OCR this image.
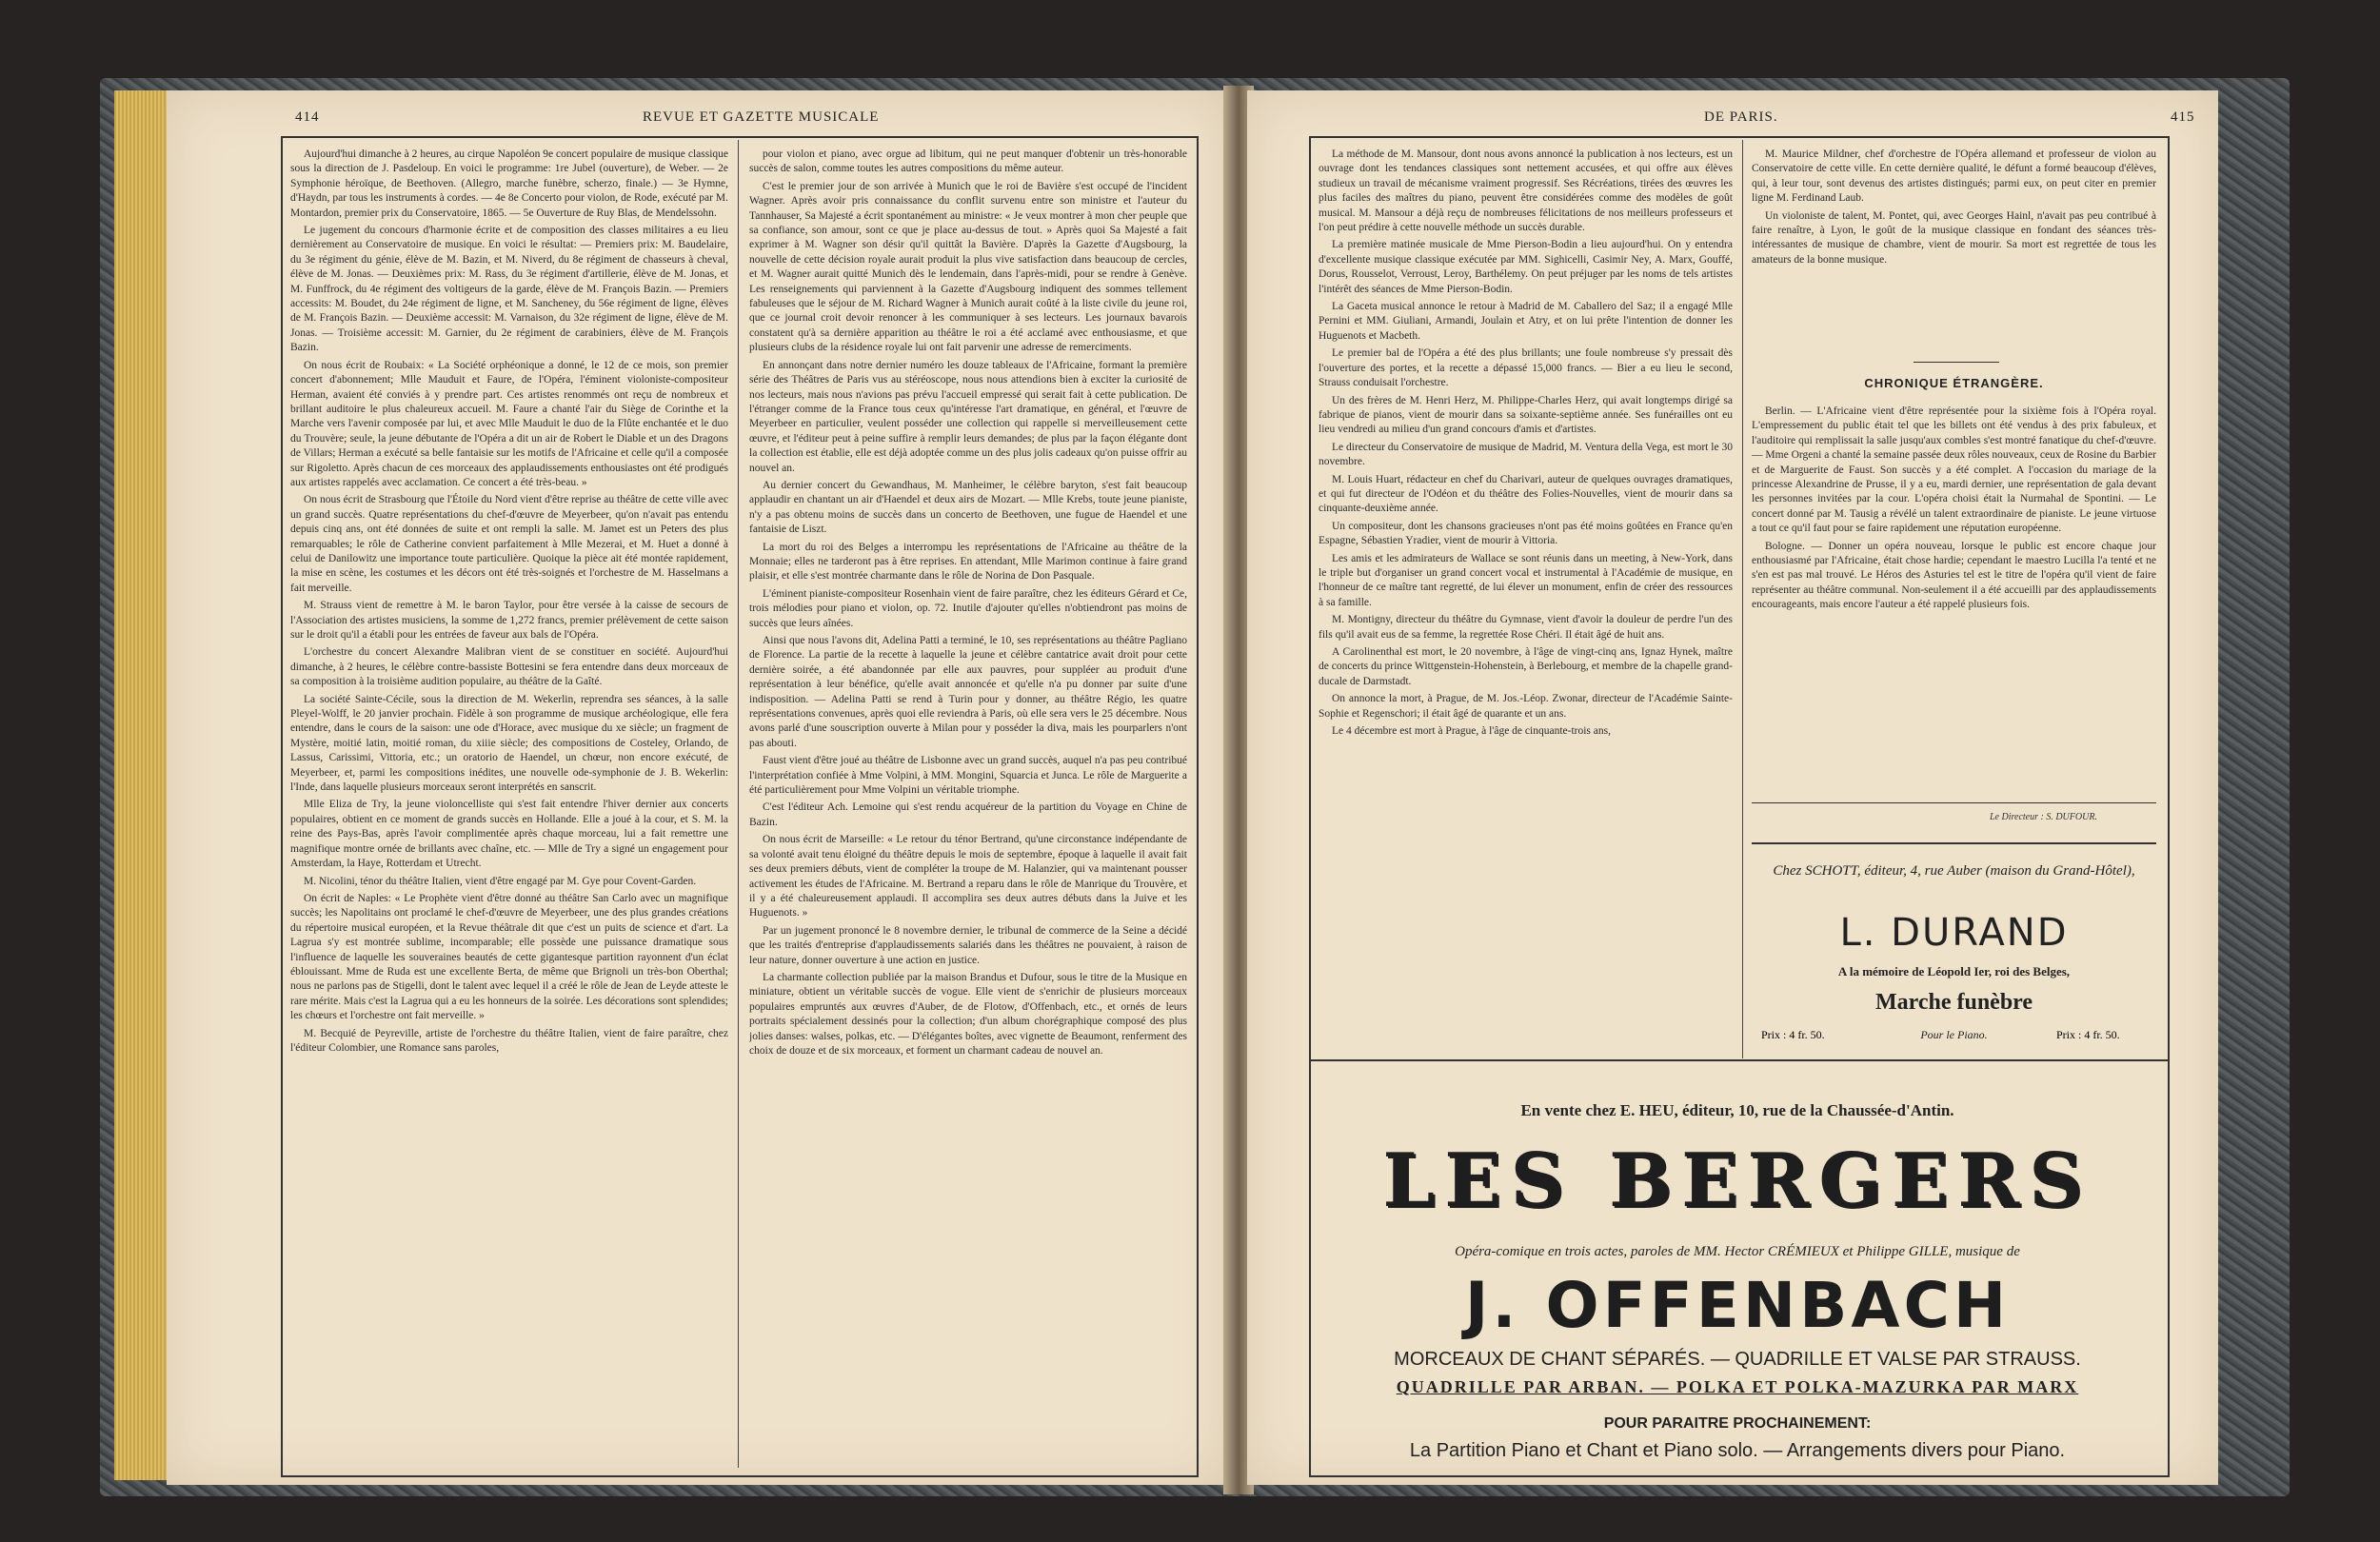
414	REVUE ET GAZETTE MUSICALE

Aujourd'hui dimanche à 2 heures, au cirque Napoléon 9e concert populaire de musique classique sous la direction de J. Pasdeloup. En voici le programme: 1re Jubel (ouverture), de Weber. — 2e Symphonie héroïque, de Beethoven. (Allegro, marche funèbre, scherzo, finale.) — 3e Hymne, d'Haydn, par tous les instruments à cordes. — 4e 8e Concerto pour violon, de Rode, exécuté par M. Montardon, premier prix du Conservatoire, 1865. — 5e Ouverture de Ruy Blas, de Mendelssohn.

Le jugement du concours d'harmonie écrite et de composition des classes militaires a eu lieu dernièrement au Conservatoire de musique. En voici le résultat: — Premiers prix: M. Baudelaire, du 3e régiment du génie, élève de M. Bazin, et M. Niverd, du 8e régiment de chasseurs à cheval, élève de M. Jonas. — Deuxièmes prix: M. Rass, du 3e régiment d'artillerie, élève de M. Jonas, et M. Funffrock, du 4e régiment des voltigeurs de la garde, élève de M. François Bazin. — Premiers accessits: M. Boudet, du 24e régiment de ligne, et M. Sancheney, du 56e régiment de ligne, élèves de M. François Bazin. — Deuxième accessit: M. Varnaison, du 32e régiment de ligne, élève de M. Jonas. — Troisième accessit: M. Garnier, du 2e régiment de carabiniers, élève de M. François Bazin.

On nous écrit de Roubaix: « La Société orphéonique a donné, le 12 de ce mois, son premier concert d'abonnement; Mlle Mauduit et Faure, de l'Opéra, l'éminent violoniste-compositeur Herman, avaient été conviés à y prendre part. Ces artistes renommés ont reçu de nombreux et brillant auditoire le plus chaleureux accueil. M. Faure a chanté l'air du Siège de Corinthe et la Marche vers l'avenir composée par lui, et avec Mlle Mauduit le duo de la Flûte enchantée et le duo du Trouvère; seule, la jeune débutante de l'Opéra a dit un air de Robert le Diable et un des Dragons de Villars; Herman a exécuté sa belle fantaisie sur les motifs de l'Africaine et celle qu'il a composée sur Rigoletto. Après chacun de ces morceaux des applaudissements enthousiastes ont été prodigués aux artistes rappelés avec acclamation. Ce concert a été très-beau. »

On nous écrit de Strasbourg que l'Étoile du Nord vient d'être reprise au théâtre de cette ville avec un grand succès. Quatre représentations du chef-d'œuvre de Meyerbeer, qu'on n'avait pas entendu depuis cinq ans, ont été données de suite et ont rempli la salle. M. Jamet est un Peters des plus remarquables; le rôle de Catherine convient parfaitement à Mlle Mezerai, et M. Huet a donné à celui de Danilowitz une importance toute particulière. Quoique la pièce ait été montée rapidement, la mise en scène, les costumes et les décors ont été très-soignés et l'orchestre de M. Hasselmans a fait merveille.

M. Strauss vient de remettre à M. le baron Taylor, pour être versée à la caisse de secours de l'Association des artistes musiciens, la somme de 1,272 francs, premier prélèvement de cette saison sur le droit qu'il a établi pour les entrées de faveur aux bals de l'Opéra.

L'orchestre du concert Alexandre Malibran vient de se constituer en société. Aujourd'hui dimanche, à 2 heures, le célèbre contre-bassiste Bottesini se fera entendre dans deux morceaux de sa composition à la troisième audition populaire, au théâtre de la Gaîté.

La société Sainte-Cécile, sous la direction de M. Wekerlin, reprendra ses séances, à la salle Pleyel-Wolff, le 20 janvier prochain. Fidèle à son programme de musique archéologique, elle fera entendre, dans le cours de la saison: une ode d'Horace, avec musique du xe siècle; un fragment de Mystère, moitié latin, moitié roman, du xiiie siècle; des compositions de Costeley, Orlando, de Lassus, Carissimi, Vittoria, etc.; un oratorio de Haendel, un chœur, non encore exécuté, de Meyerbeer, et, parmi les compositions inédites, une nouvelle ode-symphonie de J. B. Wekerlin: l'Inde, dans laquelle plusieurs morceaux seront interprétés en sanscrit.

Mlle Eliza de Try, la jeune violoncelliste qui s'est fait entendre l'hiver dernier aux concerts populaires, obtient en ce moment de grands succès en Hollande. Elle a joué à la cour, et S. M. la reine des Pays-Bas, après l'avoir complimentée après chaque morceau, lui a fait remettre une magnifique montre ornée de brillants avec chaîne, etc. — Mlle de Try a signé un engagement pour Amsterdam, la Haye, Rotterdam et Utrecht.

M. Nicolini, ténor du théâtre Italien, vient d'être engagé par M. Gye pour Covent-Garden.

On écrit de Naples: « Le Prophète vient d'être donné au théâtre San Carlo avec un magnifique succès; les Napolitains ont proclamé le chef-d'œuvre de Meyerbeer, une des plus grandes créations du répertoire musical européen, et la Revue théâtrale dit que c'est un puits de science et d'art. La Lagrua s'y est montrée sublime, incomparable; elle possède une puissance dramatique sous l'influence de laquelle les souveraines beautés de cette gigantesque partition rayonnent d'un éclat éblouissant. Mme de Ruda est une excellente Berta, de même que Brignoli un très-bon Oberthal; nous ne parlons pas de Stigelli, dont le talent avec lequel il a créé le rôle de Jean de Leyde atteste le rare mérite. Mais c'est la Lagrua qui a eu les honneurs de la soirée. Les décorations sont splendides; les chœurs et l'orchestre ont fait merveille. »

M. Becquié de Peyreville, artiste de l'orchestre du théâtre Italien, vient de faire paraître, chez l'éditeur Colombier, une Romance sans paroles,

pour violon et piano, avec orgue ad libitum, qui ne peut manquer d'obtenir un très-honorable succès de salon, comme toutes les autres compositions du même auteur.

C'est le premier jour de son arrivée à Munich que le roi de Bavière s'est occupé de l'incident Wagner. Après avoir pris connaissance du conflit survenu entre son ministre et l'auteur du Tannhauser, Sa Majesté a écrit spontanément au ministre: « Je veux montrer à mon cher peuple que sa confiance, son amour, sont ce que je place au-dessus de tout. » Après quoi Sa Majesté a fait exprimer à M. Wagner son désir qu'il quittât la Bavière. D'après la Gazette d'Augsbourg, la nouvelle de cette décision royale aurait produit la plus vive satisfaction dans beaucoup de cercles, et M. Wagner aurait quitté Munich dès le lendemain, dans l'après-midi, pour se rendre à Genève. Les renseignements qui parviennent à la Gazette d'Augsbourg indiquent des sommes tellement fabuleuses que le séjour de M. Richard Wagner à Munich aurait coûté à la liste civile du jeune roi, que ce journal croit devoir renoncer à les communiquer à ses lecteurs. Les journaux bavarois constatent qu'à sa dernière apparition au théâtre le roi a été acclamé avec enthousiasme, et que plusieurs clubs de la résidence royale lui ont fait parvenir une adresse de remerciments.

En annonçant dans notre dernier numéro les douze tableaux de l'Africaine, formant la première série des Théâtres de Paris vus au stéréoscope, nous nous attendions bien à exciter la curiosité de nos lecteurs, mais nous n'avions pas prévu l'accueil empressé qui serait fait à cette publication. De l'étranger comme de la France tous ceux qu'intéresse l'art dramatique, en général, et l'œuvre de Meyerbeer en particulier, veulent posséder une collection qui rappelle si merveilleusement cette œuvre, et l'éditeur peut à peine suffire à remplir leurs demandes; de plus par la façon élégante dont la collection est établie, elle est déjà adoptée comme un des plus jolis cadeaux qu'on puisse offrir au nouvel an.

Au dernier concert du Gewandhaus, M. Manheimer, le célèbre baryton, s'est fait beaucoup applaudir en chantant un air d'Haendel et deux airs de Mozart. — Mlle Krebs, toute jeune pianiste, n'y a pas obtenu moins de succès dans un concerto de Beethoven, une fugue de Haendel et une fantaisie de Liszt.

La mort du roi des Belges a interrompu les représentations de l'Africaine au théâtre de la Monnaie; elles ne tarderont pas à être reprises. En attendant, Mlle Marimon continue à faire grand plaisir, et elle s'est montrée charmante dans le rôle de Norina de Don Pasquale.

L'éminent pianiste-compositeur Rosenhain vient de faire paraître, chez les éditeurs Gérard et Ce, trois mélodies pour piano et violon, op. 72. Inutile d'ajouter qu'elles n'obtiendront pas moins de succès que leurs aînées.

Ainsi que nous l'avons dit, Adelina Patti a terminé, le 10, ses représentations au théâtre Pagliano de Florence. La partie de la recette à laquelle la jeune et célèbre cantatrice avait droit pour cette dernière soirée, a été abandonnée par elle aux pauvres, pour suppléer au produit d'une représentation à leur bénéfice, qu'elle avait annoncée et qu'elle n'a pu donner par suite d'une indisposition. — Adelina Patti se rend à Turin pour y donner, au théâtre Régio, les quatre représentations convenues, après quoi elle reviendra à Paris, où elle sera vers le 25 décembre. Nous avons parlé d'une souscription ouverte à Milan pour y posséder la diva, mais les pourparlers n'ont pas abouti.

Faust vient d'être joué au théâtre de Lisbonne avec un grand succès, auquel n'a pas peu contribué l'interprétation confiée à Mme Volpini, à MM. Mongini, Squarcia et Junca. Le rôle de Marguerite a été particulièrement pour Mme Volpini un véritable triomphe.

C'est l'éditeur Ach. Lemoine qui s'est rendu acquéreur de la partition du Voyage en Chine de Bazin.

On nous écrit de Marseille: « Le retour du ténor Bertrand, qu'une circonstance indépendante de sa volonté avait tenu éloigné du théâtre depuis le mois de septembre, époque à laquelle il avait fait ses deux premiers débuts, vient de compléter la troupe de M. Halanzier, qui va maintenant pousser activement les études de l'Africaine. M. Bertrand a reparu dans le rôle de Manrique du Trouvère, et il y a été chaleureusement applaudi. Il accomplira ses deux autres débuts dans la Juive et les Huguenots. »

Par un jugement prononcé le 8 novembre dernier, le tribunal de commerce de la Seine a décidé que les traités d'entreprise d'applaudissements salariés dans les théâtres ne pouvaient, à raison de leur nature, donner ouverture à une action en justice.

La charmante collection publiée par la maison Brandus et Dufour, sous le titre de la Musique en miniature, obtient un véritable succès de vogue. Elle vient de s'enrichir de plusieurs morceaux populaires empruntés aux œuvres d'Auber, de de Flotow, d'Offenbach, etc., et ornés de leurs portraits spécialement dessinés pour la collection; d'un album chorégraphique composé des plus jolies danses: walses, polkas, etc. — D'élégantes boîtes, avec vignette de Beaumont, renferment des choix de douze et de six morceaux, et forment un charmant cadeau de nouvel an.

DE PARIS.	415

La méthode de M. Mansour, dont nous avons annoncé la publication à nos lecteurs, est un ouvrage dont les tendances classiques sont nettement accusées, et qui offre aux élèves studieux un travail de mécanisme vraiment progressif. Ses Récréations, tirées des œuvres les plus faciles des maîtres du piano, peuvent être considérées comme des modèles de goût musical. M. Mansour a déjà reçu de nombreuses félicitations de nos meilleurs professeurs et l'on peut prédire à cette nouvelle méthode un succès durable.

La première matinée musicale de Mme Pierson-Bodin a lieu aujourd'hui. On y entendra d'excellente musique classique exécutée par MM. Sighicelli, Casimir Ney, A. Marx, Gouffé, Dorus, Rousselot, Verroust, Leroy, Barthélemy. On peut préjuger par les noms de tels artistes l'intérêt des séances de Mme Pierson-Bodin.

La Gaceta musical annonce le retour à Madrid de M. Caballero del Saz; il a engagé Mlle Pernini et MM. Giuliani, Armandi, Joulain et Atry, et on lui prête l'intention de donner les Huguenots et Macbeth.

Le premier bal de l'Opéra a été des plus brillants; une foule nombreuse s'y pressait dès l'ouverture des portes, et la recette a dépassé 15,000 francs. — Bier a eu lieu le second, Strauss conduisait l'orchestre.

Un des frères de M. Henri Herz, M. Philippe-Charles Herz, qui avait longtemps dirigé sa fabrique de pianos, vient de mourir dans sa soixante-septième année. Ses funérailles ont eu lieu vendredi au milieu d'un grand concours d'amis et d'artistes.

Le directeur du Conservatoire de musique de Madrid, M. Ventura della Vega, est mort le 30 novembre.

M. Louis Huart, rédacteur en chef du Charivari, auteur de quelques ouvrages dramatiques, et qui fut directeur de l'Odéon et du théâtre des Folies-Nouvelles, vient de mourir dans sa cinquante-deuxième année.

Un compositeur, dont les chansons gracieuses n'ont pas été moins goûtées en France qu'en Espagne, Sébastien Yradier, vient de mourir à Vittoria.

Les amis et les admirateurs de Wallace se sont réunis dans un meeting, à New-York, dans le triple but d'organiser un grand concert vocal et instrumental à l'Académie de musique, en l'honneur de ce maître tant regretté, de lui élever un monument, enfin de créer des ressources à sa famille.

M. Montigny, directeur du théâtre du Gymnase, vient d'avoir la douleur de perdre l'un des fils qu'il avait eus de sa femme, la regrettée Rose Chéri. Il était âgé de huit ans.

A Carolinenthal est mort, le 20 novembre, à l'âge de vingt-cinq ans, Ignaz Hynek, maître de concerts du prince Wittgenstein-Hohenstein, à Berlebourg, et membre de la chapelle grand-ducale de Darmstadt.

On annonce la mort, à Prague, de M. Jos.-Léop. Zwonar, directeur de l'Académie Sainte-Sophie et Regenschori; il était âgé de quarante et un ans.

Le 4 décembre est mort à Prague, à l'âge de cinquante-trois ans,

M. Maurice Mildner, chef d'orchestre de l'Opéra allemand et professeur de violon au Conservatoire de cette ville. En cette dernière qualité, le défunt a formé beaucoup d'élèves, qui, à leur tour, sont devenus des artistes distingués; parmi eux, on peut citer en premier ligne M. Ferdinand Laub.

Un violoniste de talent, M. Pontet, qui, avec Georges Hainl, n'avait pas peu contribué à faire renaître, à Lyon, le goût de la musique classique en fondant des séances très-intéressantes de musique de chambre, vient de mourir. Sa mort est regrettée de tous les amateurs de la bonne musique.

CHRONIQUE ÉTRANGÈRE.

Berlin. — L'Africaine vient d'être représentée pour la sixième fois à l'Opéra royal. L'empressement du public était tel que les billets ont été vendus à des prix fabuleux, et l'auditoire qui remplissait la salle jusqu'aux combles s'est montré fanatique du chef-d'œuvre. — Mme Orgeni a chanté la semaine passée deux rôles nouveaux, ceux de Rosine du Barbier et de Marguerite de Faust. Son succès y a été complet. A l'occasion du mariage de la princesse Alexandrine de Prusse, il y a eu, mardi dernier, une représentation de gala devant les personnes invitées par la cour. L'opéra choisi était la Nurmahal de Spontini. — Le concert donné par M. Tausig a révélé un talent extraordinaire de pianiste. Le jeune virtuose a tout ce qu'il faut pour se faire rapidement une réputation européenne.

Bologne. — Donner un opéra nouveau, lorsque le public est encore chaque jour enthousiasmé par l'Africaine, était chose hardie; cependant le maestro Lucilla l'a tenté et ne s'en est pas mal trouvé. Le Héros des Asturies tel est le titre de l'opéra qu'il vient de faire représenter au théâtre communal. Non-seulement il a été accueilli par des applaudissements encourageants, mais encore l'auteur a été rappelé plusieurs fois.

Le Directeur : S. DUFOUR.
Chez SCHOTT, éditeur, 4, rue Auber (maison du Grand-Hôtel),
L. DURAND
A la mémoire de Léopold Ier, roi des Belges,
Marche funèbre
Prix : 4 fr. 50.	Pour le Piano.	Prix : 4 fr. 50.
En vente chez E. HEU, éditeur, 10, rue de la Chaussée-d'Antin.
LES BERGERS
Opéra-comique en trois actes, paroles de MM. Hector CRÉMIEUX et Philippe GILLE, musique de
J. OFFENBACH
MORCEAUX DE CHANT SÉPARÉS. — QUADRILLE ET VALSE PAR STRAUSS.
QUADRILLE PAR ARBAN. — POLKA ET POLKA-MAZURKA PAR MARX
POUR PARAITRE PROCHAINEMENT:
La Partition Piano et Chant et Piano solo. — Arrangements divers pour Piano.
